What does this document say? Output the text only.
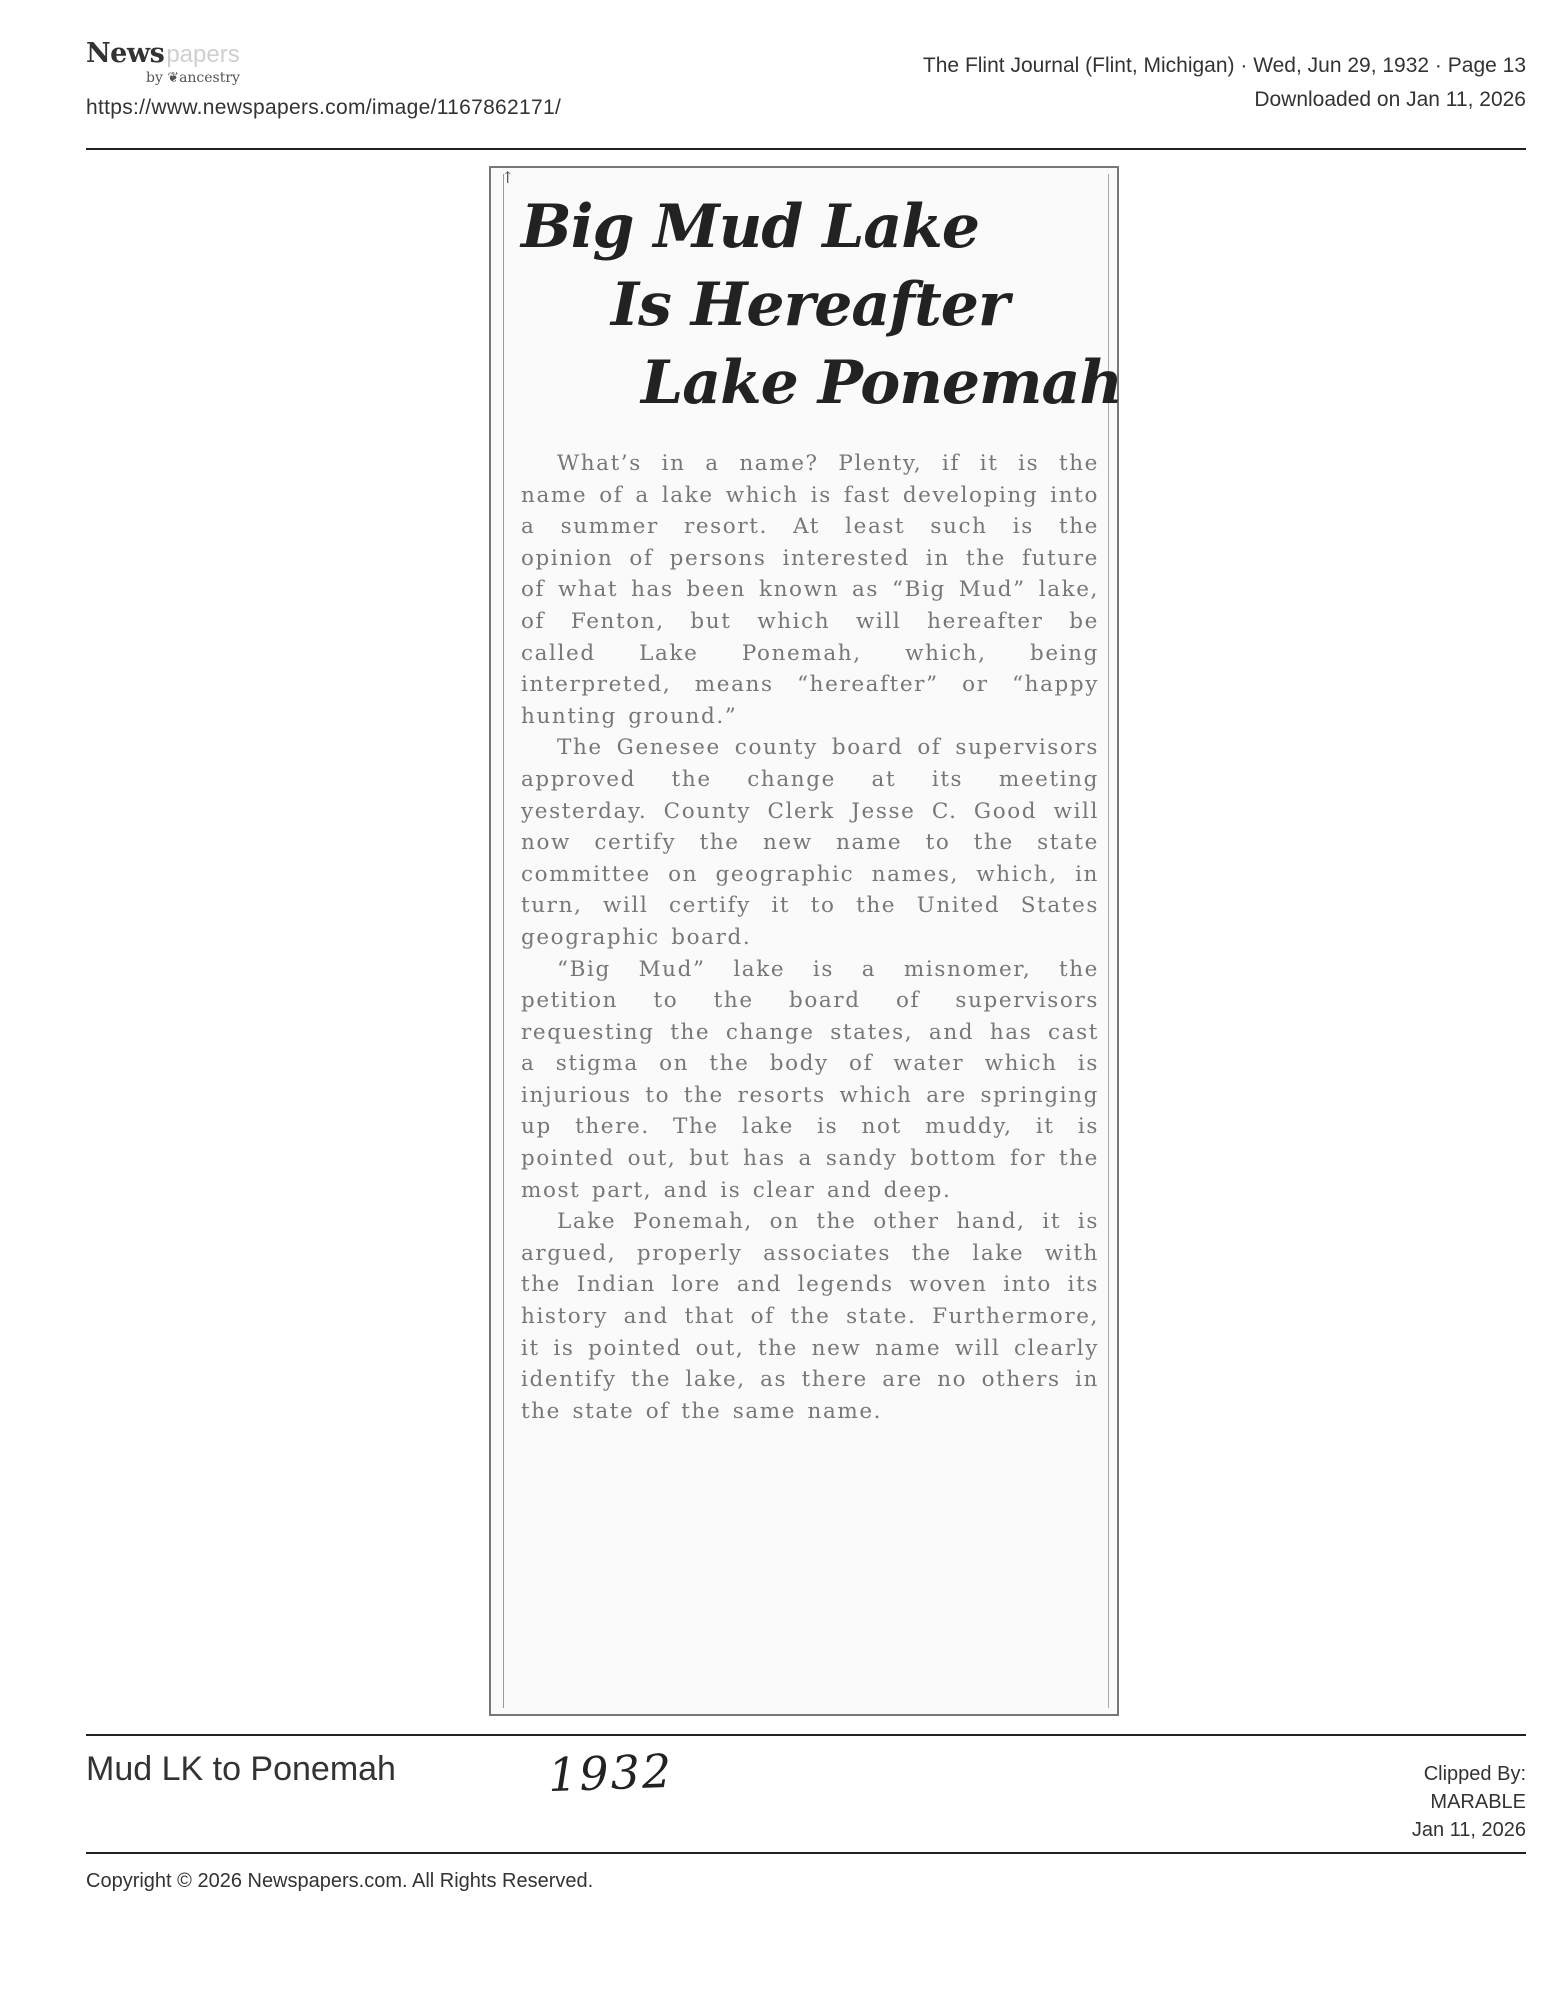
Newspapers
by ❦ancestry
https://www.newspapers.com/image/1167862171/
The Flint Journal (Flint, Michigan) · Wed, Jun 29, 1932 · Page 13
Downloaded on Jan 11, 2026
↑
Big Mud Lake
Is Hereafter
Lake Ponemah

What’s in a name? Plenty, if it is the name of a lake which is fast developing into a summer resort. At least such is the opinion of persons interested in the future of what has been known as “Big Mud” lake, of Fenton, but which will hereafter be called Lake Ponemah, which, being interpreted, means “hereafter” or “happy hunting ground.”

The Genesee county board of supervisors approved the change at its meeting yesterday. County Clerk Jesse C. Good will now certify the new name to the state committee on geographic names, which, in turn, will certify it to the United States geographic board.

“Big Mud” lake is a misnomer, the petition to the board of supervisors requesting the change states, and has cast a stigma on the body of water which is injurious to the resorts which are springing up there. The lake is not muddy, it is pointed out, but has a sandy bottom for the most part, and is clear and deep.

Lake Ponemah, on the other hand, it is argued, properly associates the lake with the Indian lore and legends woven into its history and that of the state. Furthermore, it is pointed out, the new name will clearly identify the lake, as there are no others in the state of the same name.

Mud LK to Ponemah	1932	Clipped By:
MARABLE
Jan 11, 2026
Copyright © 2026 Newspapers.com. All Rights Reserved.
